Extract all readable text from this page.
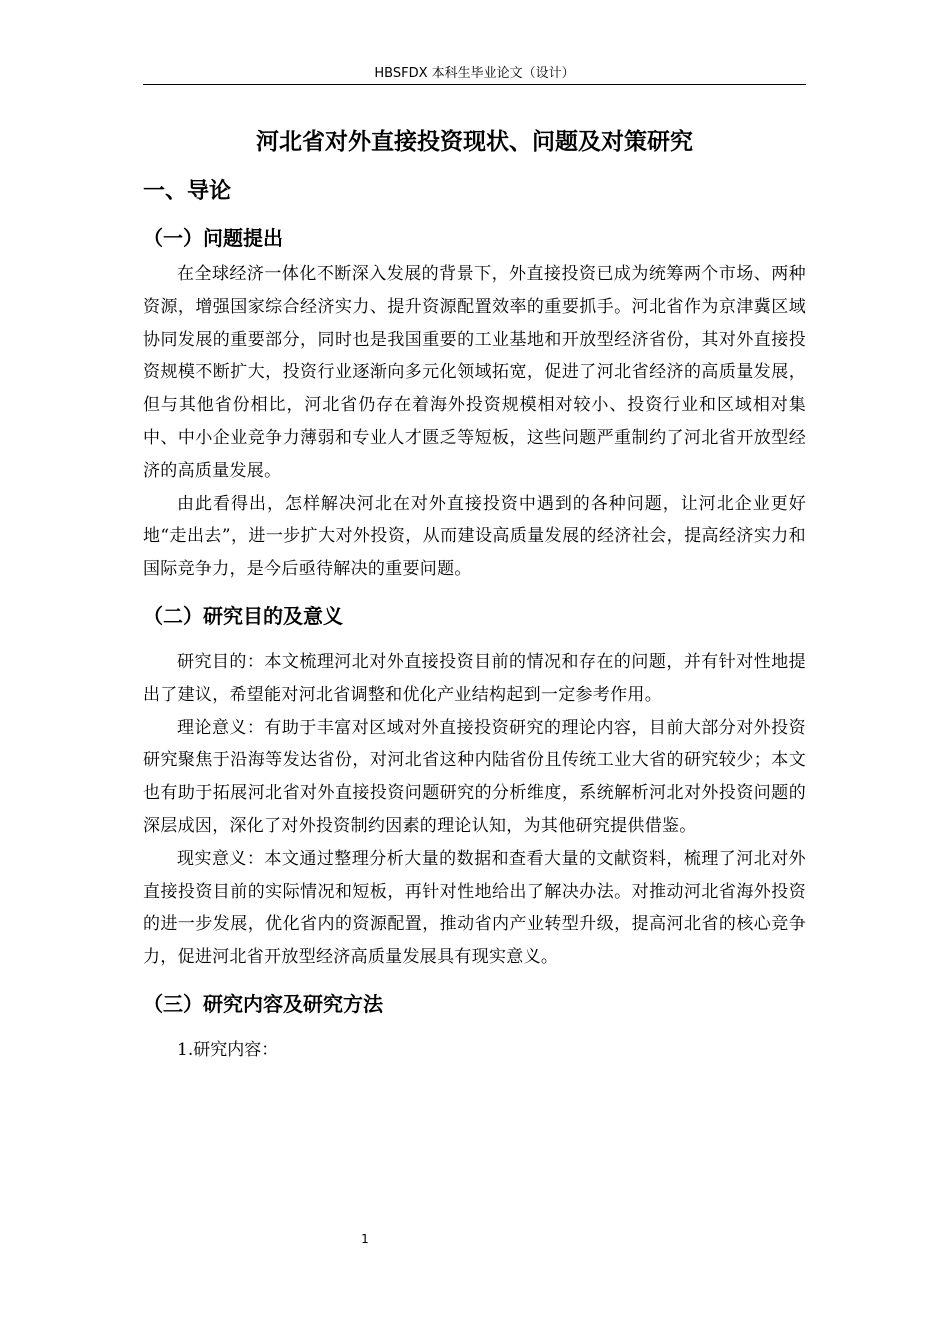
HBSFDX 本科生毕业论文（设计）
河北省对外直接投资现状、问题及对策研究
一、导论
（一）问题提出

在全球经济一体化不断深入发展的背景下，外直接投资已成为统筹两个市场、两种资源，增强国家综合经济实力、提升资源配置效率的重要抓手。河北省作为京津冀区域协同发展的重要部分，同时也是我国重要的工业基地和开放型经济省份，其对外直接投资规模不断扩大，投资行业逐渐向多元化领域拓宽，促进了河北省经济的高质量发展，但与其他省份相比，河北省仍存在着海外投资规模相对较小、投资行业和区域相对集中、中小企业竞争力薄弱和专业人才匮乏等短板，这些问题严重制约了河北省开放型经济的高质量发展。

由此看得出，怎样解决河北在对外直接投资中遇到的各种问题，让河北企业更好地“走出去”，进一步扩大对外投资，从而建设高质量发展的经济社会，提高经济实力和国际竞争力，是今后亟待解决的重要问题。

（二）研究目的及意义

研究目的：本文梳理河北对外直接投资目前的情况和存在的问题，并有针对性地提出了建议，希望能对河北省调整和优化产业结构起到一定参考作用。

理论意义：有助于丰富对区域对外直接投资研究的理论内容，目前大部分对外投资研究聚焦于沿海等发达省份，对河北省这种内陆省份且传统工业大省的研究较少；本文也有助于拓展河北省对外直接投资问题研究的分析维度，系统解析河北对外投资问题的深层成因，深化了对外投资制约因素的理论认知，为其他研究提供借鉴。

现实意义：本文通过整理分析大量的数据和查看大量的文献资料，梳理了河北对外直接投资目前的实际情况和短板，再针对性地给出了解决办法。对推动河北省海外投资的进一步发展，优化省内的资源配置，推动省内产业转型升级，提高河北省的核心竞争力，促进河北省开放型经济高质量发展具有现实意义。

（三）研究内容及研究方法

1.研究内容：

1
